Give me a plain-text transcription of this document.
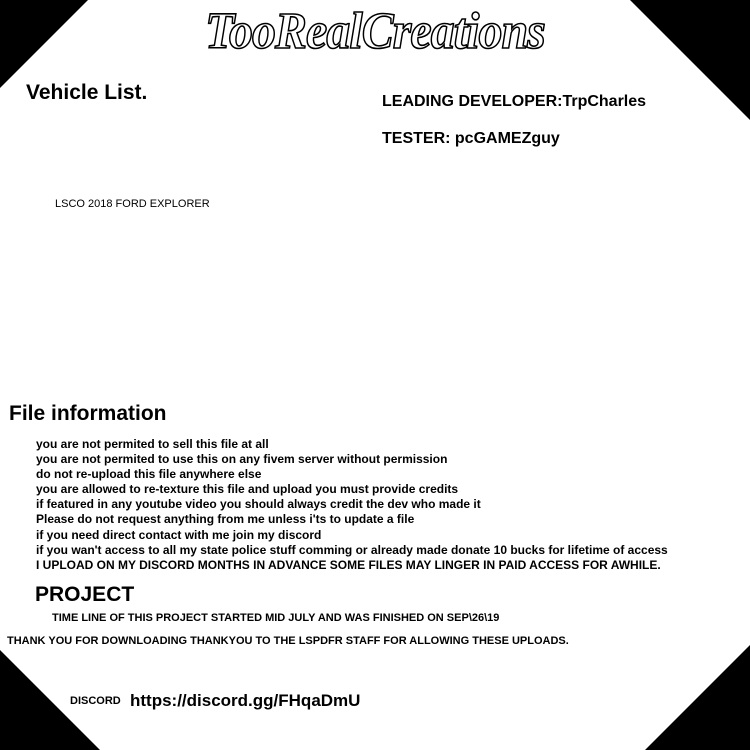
TooRealCreations
Vehicle List.	LEADING DEVELOPER:TrpCharles
TESTER: pcGAMEZguy
LSCO 2018 FORD EXPLORER
File information
you are not permited to sell this file at all
you are not permited to use this on any fivem server without permission
do not re-upload this file anywhere else
you are allowed to re-texture this file and upload you must provide credits
if featured in any youtube video you should always credit the dev who made it
Please do not request anything from me unless i'ts to update a file
if you need direct contact with me join my discord
if you wan't access to all my state police stuff comming or already made donate 10 bucks for lifetime of access
I UPLOAD ON MY DISCORD MONTHS IN ADVANCE SOME FILES MAY LINGER IN PAID ACCESS FOR AWHILE.
PROJECT
TIME LINE OF THIS PROJECT STARTED MID JULY AND WAS FINISHED ON SEP\26\19
THANK YOU FOR DOWNLOADING THANKYOU TO THE LSPDFR STAFF FOR ALLOWING THESE UPLOADS.
DISCORD https://discord.gg/FHqaDmU
